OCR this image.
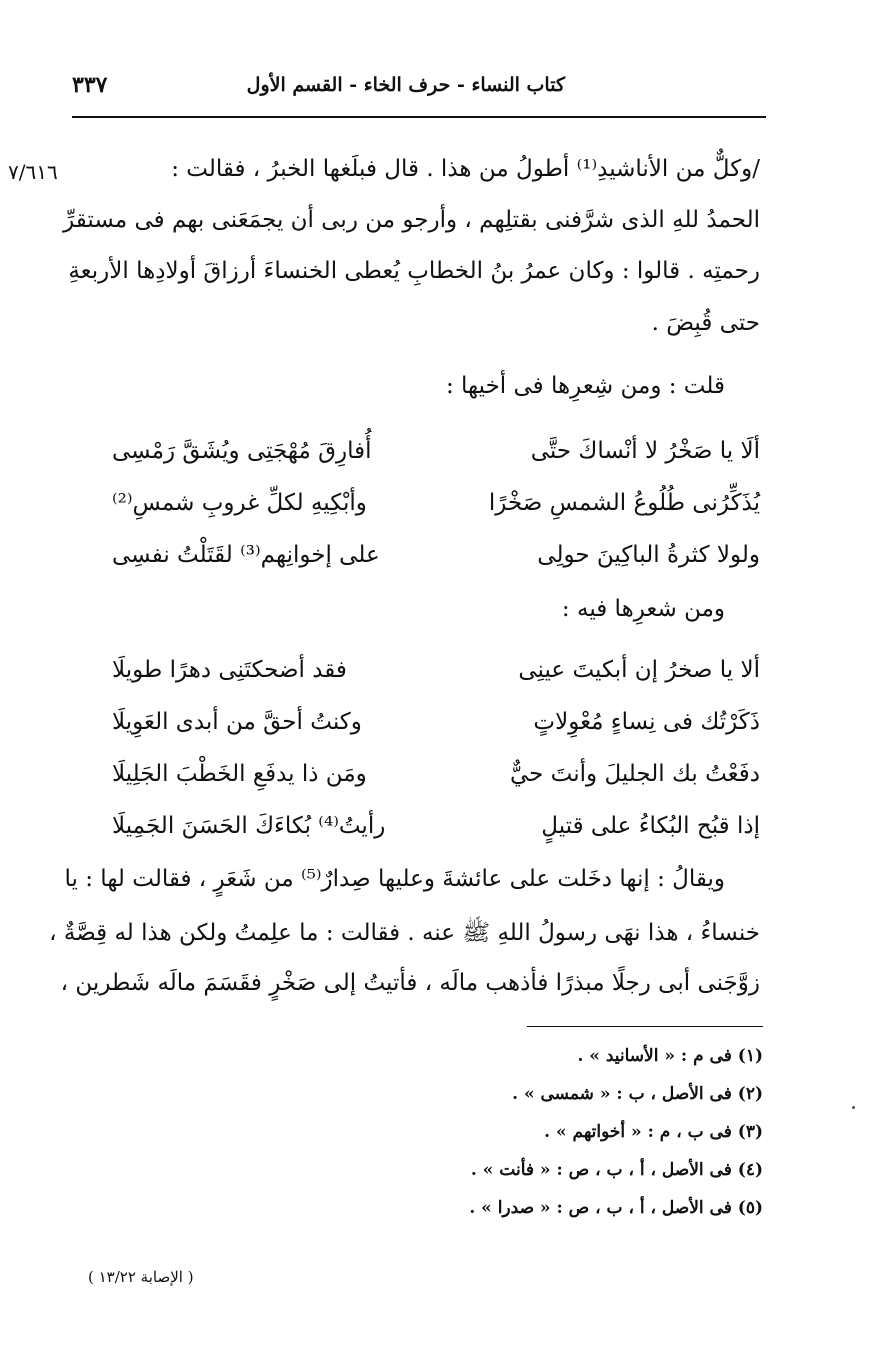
كتاب النساء - حرف الخاء - القسم الأول
٣٣٧
٧/٦١٦	/وكلٌّ من الأناشيدِ⁽¹⁾ أطولُ من هذا . قال فبلَغها الخبرُ ، فقالت :
الحمدُ للهِ الذى شرَّفنى بقتلِهم ، وأرجو من ربى أن يجمَعَنى بهم فى مستقرِّ
رحمتِه . قالوا : وكان عمرُ بنُ الخطابِ يُعطى الخنساءَ أرزاقَ أولادِها الأربعةِ
حتى قُبِضَ .
قلت : ومن شِعرِها فى أخيها :
ألَا يا صَخْرُ لا أنْساكَ حتَّى
أُفارِقَ مُهْجَتِى ويُشَقَّ رَمْسِى
يُذَكِّرُنى طُلُوعُ الشمسِ صَخْرًا
وأبْكِيهِ لكلِّ غروبِ شمسِ⁽²⁾
ولولا كثرةُ الباكِينَ حولِى
على إخوانِهم⁽³⁾ لقَتَلْتُ نفسِى
ومن شعرِها فيه :
ألا يا صخرُ إن أبكيتَ عينِى
فقد أضحكتَنِى دهرًا طويلَا
ذَكَرْتُك فى نِساءٍ مُعْوِلاتٍ
وكنتُ أحقَّ من أبدى العَوِيلَا
دفَعْتُ بك الجليلَ وأنتَ حيٌّ
ومَن ذا يدفَعِ الخَطْبَ الجَلِيلَا
إذا قبُح البُكاءُ على قتيلٍ
رأيتُ⁽⁴⁾ بُكاءَكَ الحَسَنَ الجَمِيلَا
ويقالُ : إنها دخَلت على عائشةَ وعليها صِدارٌ⁽⁵⁾ من شَعَرٍ ، فقالت لها : يا
خنساءُ ، هذا نهَى رسولُ اللهِ ﷺ عنه . فقالت : ما علِمتُ ولكن هذا له قِصَّةٌ ،
زوَّجَنى أبى رجلًا مبذرًا فأذهب مالَه ، فأتيتُ إلى صَخْرٍ فقَسَمَ مالَه شَطرين ،
(١) فى م : « الأسانيد » .
(٢) فى الأصل ، ب : « شمسى » .
(٣) فى ب ، م : « أخواتهم » .
(٤) فى الأصل ، أ ، ب ، ص : « فأنت » .
(٥) فى الأصل ، أ ، ب ، ص : « صدرا » .
( الإصابة ١٣/٢٢ )
